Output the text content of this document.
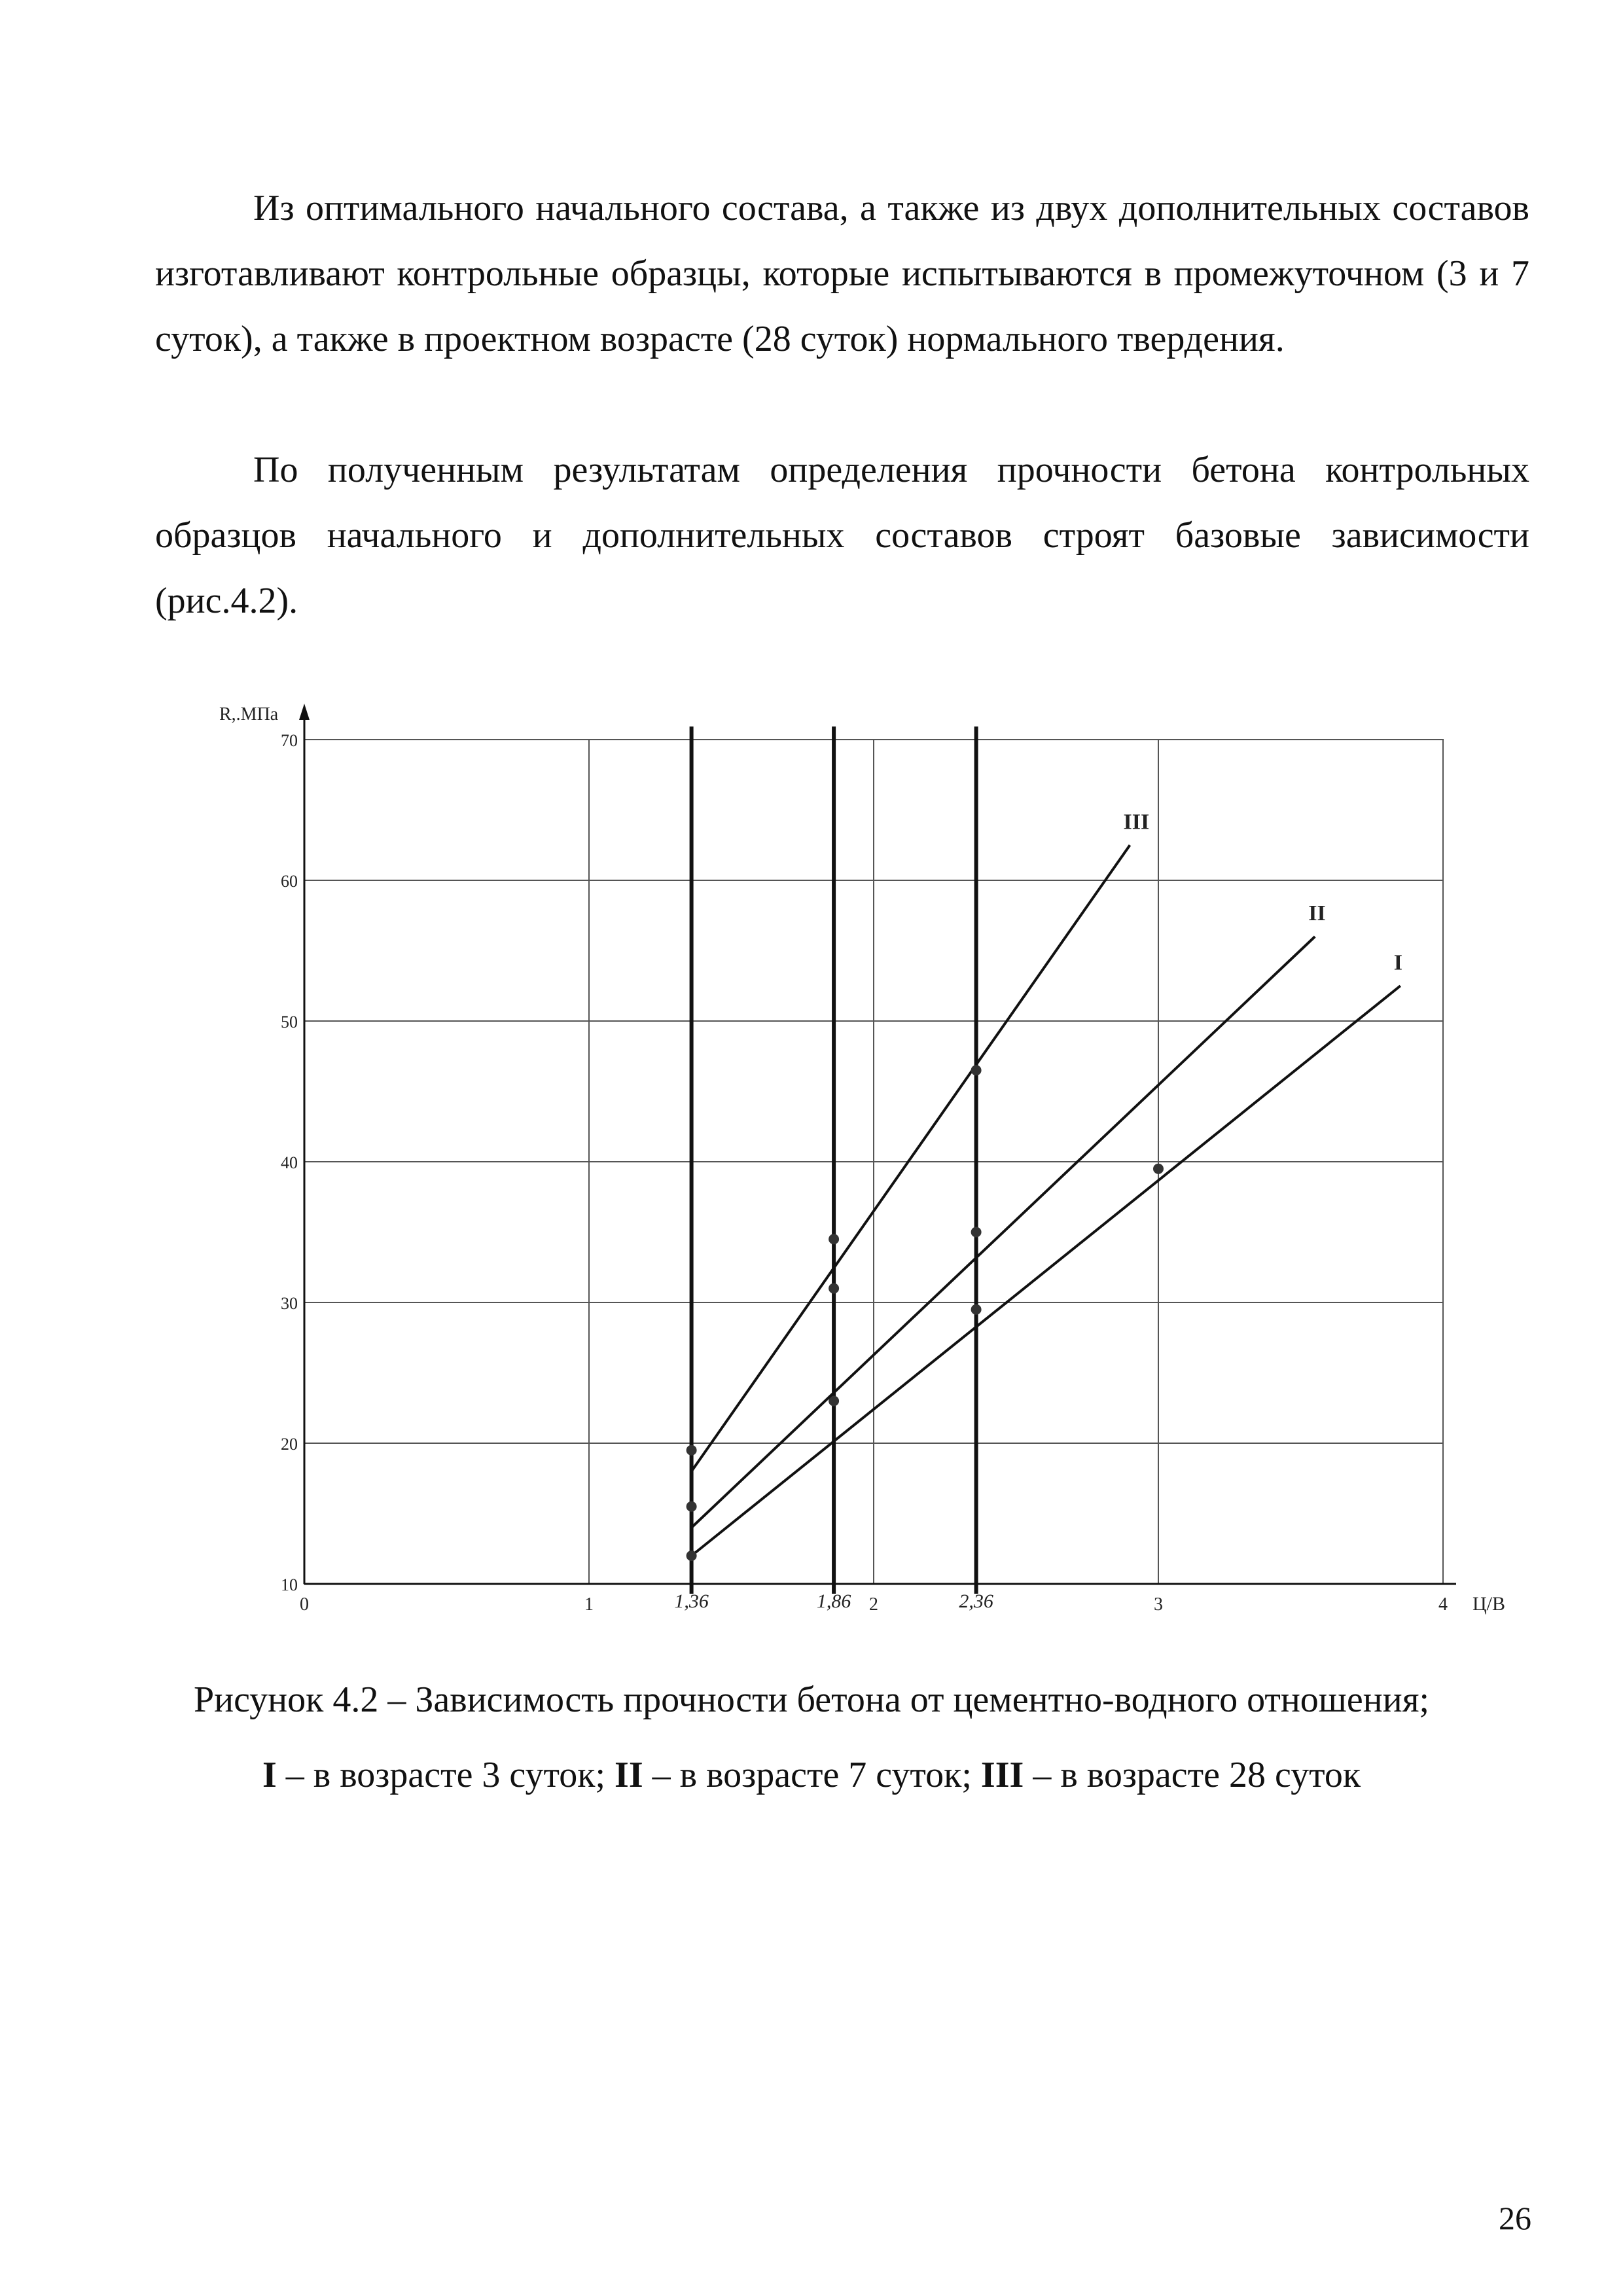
Из оптимального начального состава, а также из двух дополнительных составов изготавливают контрольные образцы, которые испытываются в промежуточном (3 и 7 суток), а также в проектном возрасте (28 суток) нормального твердения.

По полученным результатам определения прочности бетона контрольных образцов начального и дополнительных составов строят базовые зависимости (рис.4.2).

10
20
30
40
50
60
70
0	1	2	3	4
1,36	1,86	2,36
R,.МПа
Ц/В
I
II
III

Рисунок 4.2 – Зависимость прочности бетона от цементно-водного отношения;

I – в возрасте 3 суток; II – в возрасте 7 суток; III – в возрасте 28 суток

26
